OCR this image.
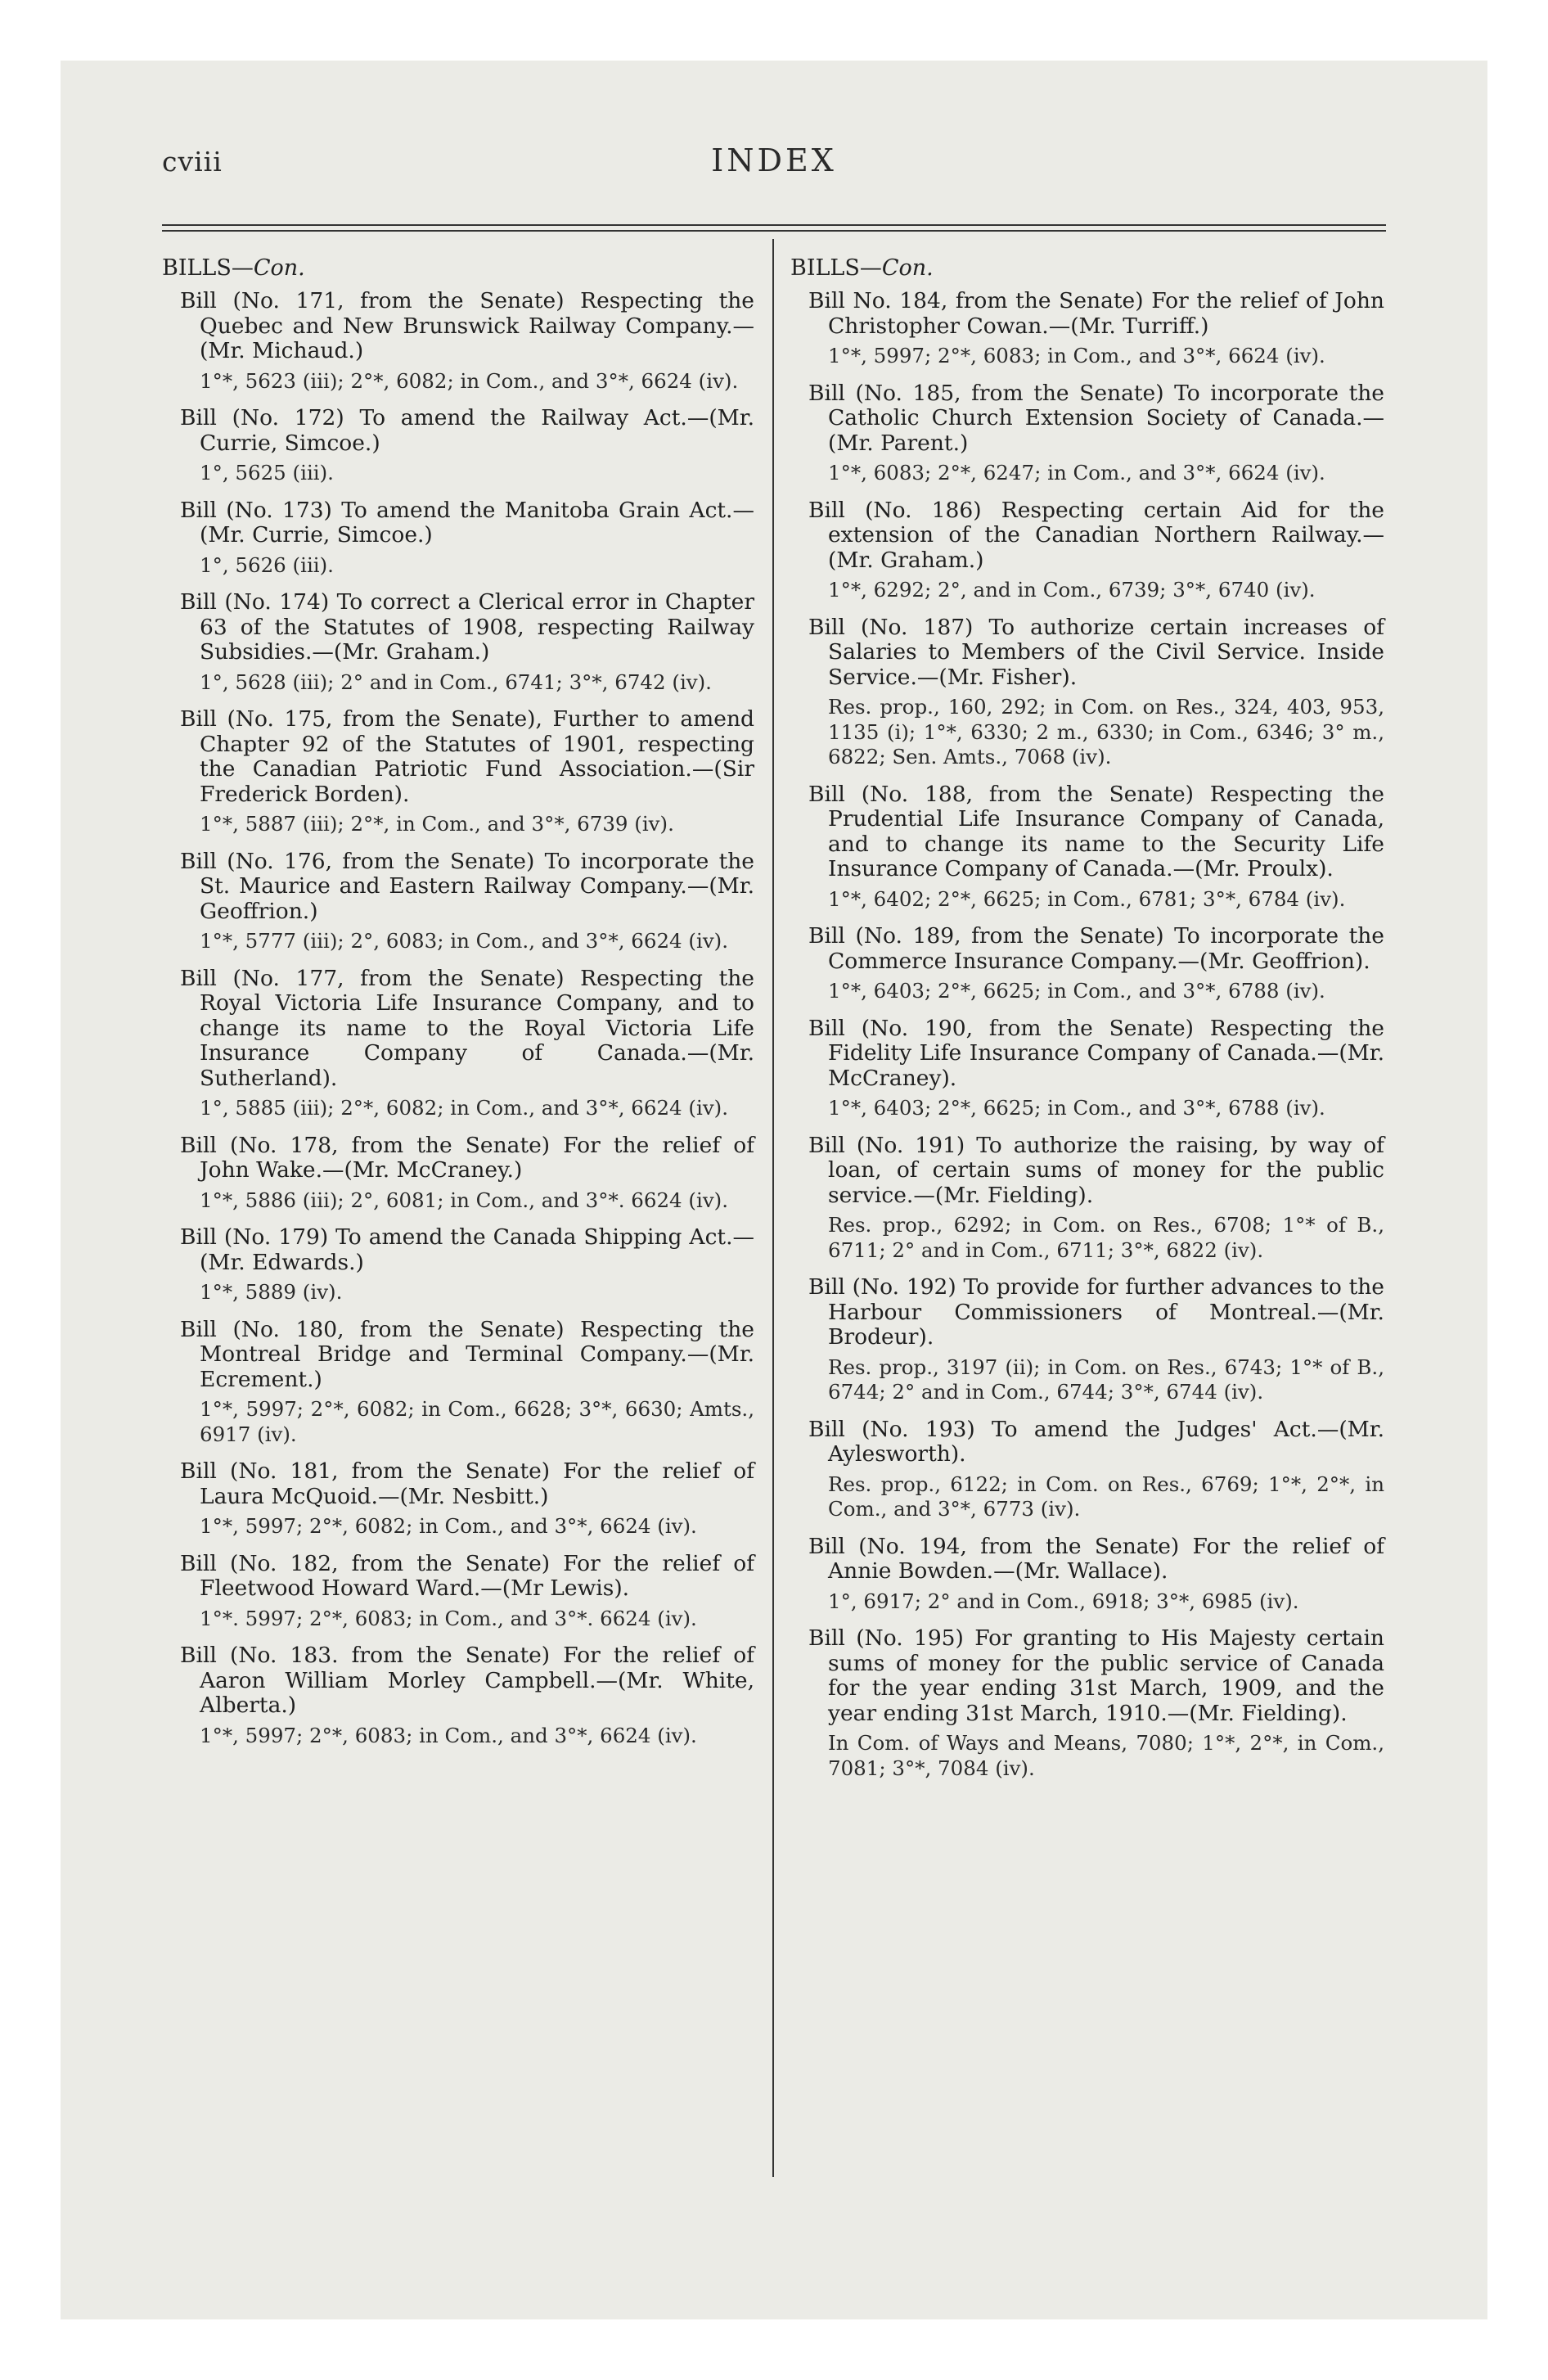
cviii	INDEX
BILLS—Con.
Bill (No. 171, from the Senate) Respecting the Quebec and New Brunswick Railway Company.—(Mr. Michaud.)
1°*, 5623 (iii); 2°*, 6082; in Com., and 3°*, 6624 (iv).
Bill (No. 172) To amend the Railway Act.—(Mr. Currie, Simcoe.)
1°, 5625 (iii).
Bill (No. 173) To amend the Manitoba Grain Act.—(Mr. Currie, Simcoe.)
1°, 5626 (iii).
Bill (No. 174) To correct a Clerical error in Chapter 63 of the Statutes of 1908, respecting Railway Subsidies.—(Mr. Graham.)
1°, 5628 (iii); 2° and in Com., 6741; 3°*, 6742 (iv).
Bill (No. 175, from the Senate), Further to amend Chapter 92 of the Statutes of 1901, respecting the Canadian Patriotic Fund Association.—(Sir Frederick Borden).
1°*, 5887 (iii); 2°*, in Com., and 3°*, 6739 (iv).
Bill (No. 176, from the Senate) To incorporate the St. Maurice and Eastern Railway Company.—(Mr. Geoffrion.)
1°*, 5777 (iii); 2°, 6083; in Com., and 3°*, 6624 (iv).
Bill (No. 177, from the Senate) Respecting the Royal Victoria Life Insurance Company, and to change its name to the Royal Victoria Life Insurance Company of Canada.—(Mr. Sutherland).
1°, 5885 (iii); 2°*, 6082; in Com., and 3°*, 6624 (iv).
Bill (No. 178, from the Senate) For the relief of John Wake.—(Mr. McCraney.)
1°*, 5886 (iii); 2°, 6081; in Com., and 3°*. 6624 (iv).
Bill (No. 179) To amend the Canada Shipping Act.—(Mr. Edwards.)
1°*, 5889 (iv).
Bill (No. 180, from the Senate) Respecting the Montreal Bridge and Terminal Company.—(Mr. Ecrement.)
1°*, 5997; 2°*, 6082; in Com., 6628; 3°*, 6630; Amts., 6917 (iv).
Bill (No. 181, from the Senate) For the relief of Laura McQuoid.—(Mr. Nesbitt.)
1°*, 5997; 2°*, 6082; in Com., and 3°*, 6624 (iv).
Bill (No. 182, from the Senate) For the relief of Fleetwood Howard Ward.—(Mr Lewis).
1°*. 5997; 2°*, 6083; in Com., and 3°*. 6624 (iv).
Bill (No. 183. from the Senate) For the relief of Aaron William Morley Campbell.—(Mr. White, Alberta.)
1°*, 5997; 2°*, 6083; in Com., and 3°*, 6624 (iv).
BILLS—Con.
Bill No. 184, from the Senate) For the relief of John Christopher Cowan.—(Mr. Turriff.)
1°*, 5997; 2°*, 6083; in Com., and 3°*, 6624 (iv).
Bill (No. 185, from the Senate) To incorporate the Catholic Church Extension Society of Canada.—(Mr. Parent.)
1°*, 6083; 2°*, 6247; in Com., and 3°*, 6624 (iv).
Bill (No. 186) Respecting certain Aid for the extension of the Canadian Northern Railway.—(Mr. Graham.)
1°*, 6292; 2°, and in Com., 6739; 3°*, 6740 (iv).
Bill (No. 187) To authorize certain increases of Salaries to Members of the Civil Service. Inside Service.—(Mr. Fisher).
Res. prop., 160, 292; in Com. on Res., 324, 403, 953, 1135 (i); 1°*, 6330; 2 m., 6330; in Com., 6346; 3° m., 6822; Sen. Amts., 7068 (iv).
Bill (No. 188, from the Senate) Respecting the Prudential Life Insurance Company of Canada, and to change its name to the Security Life Insurance Company of Canada.—(Mr. Proulx).
1°*, 6402; 2°*, 6625; in Com., 6781; 3°*, 6784 (iv).
Bill (No. 189, from the Senate) To incorporate the Commerce Insurance Company.—(Mr. Geoffrion).
1°*, 6403; 2°*, 6625; in Com., and 3°*, 6788 (iv).
Bill (No. 190, from the Senate) Respecting the Fidelity Life Insurance Company of Canada.—(Mr. McCraney).
1°*, 6403; 2°*, 6625; in Com., and 3°*, 6788 (iv).
Bill (No. 191) To authorize the raising, by way of loan, of certain sums of money for the public service.—(Mr. Fielding).
Res. prop., 6292; in Com. on Res., 6708; 1°* of B., 6711; 2° and in Com., 6711; 3°*, 6822 (iv).
Bill (No. 192) To provide for further advances to the Harbour Commissioners of Montreal.—(Mr. Brodeur).
Res. prop., 3197 (ii); in Com. on Res., 6743; 1°* of B., 6744; 2° and in Com., 6744; 3°*, 6744 (iv).
Bill (No. 193) To amend the Judges' Act.—(Mr. Aylesworth).
Res. prop., 6122; in Com. on Res., 6769; 1°*, 2°*, in Com., and 3°*, 6773 (iv).
Bill (No. 194, from the Senate) For the relief of Annie Bowden.—(Mr. Wallace).
1°, 6917; 2° and in Com., 6918; 3°*, 6985 (iv).
Bill (No. 195) For granting to His Majesty certain sums of money for the public service of Canada for the year ending 31st March, 1909, and the year ending 31st March, 1910.—(Mr. Fielding).
In Com. of Ways and Means, 7080; 1°*, 2°*, in Com., 7081; 3°*, 7084 (iv).
